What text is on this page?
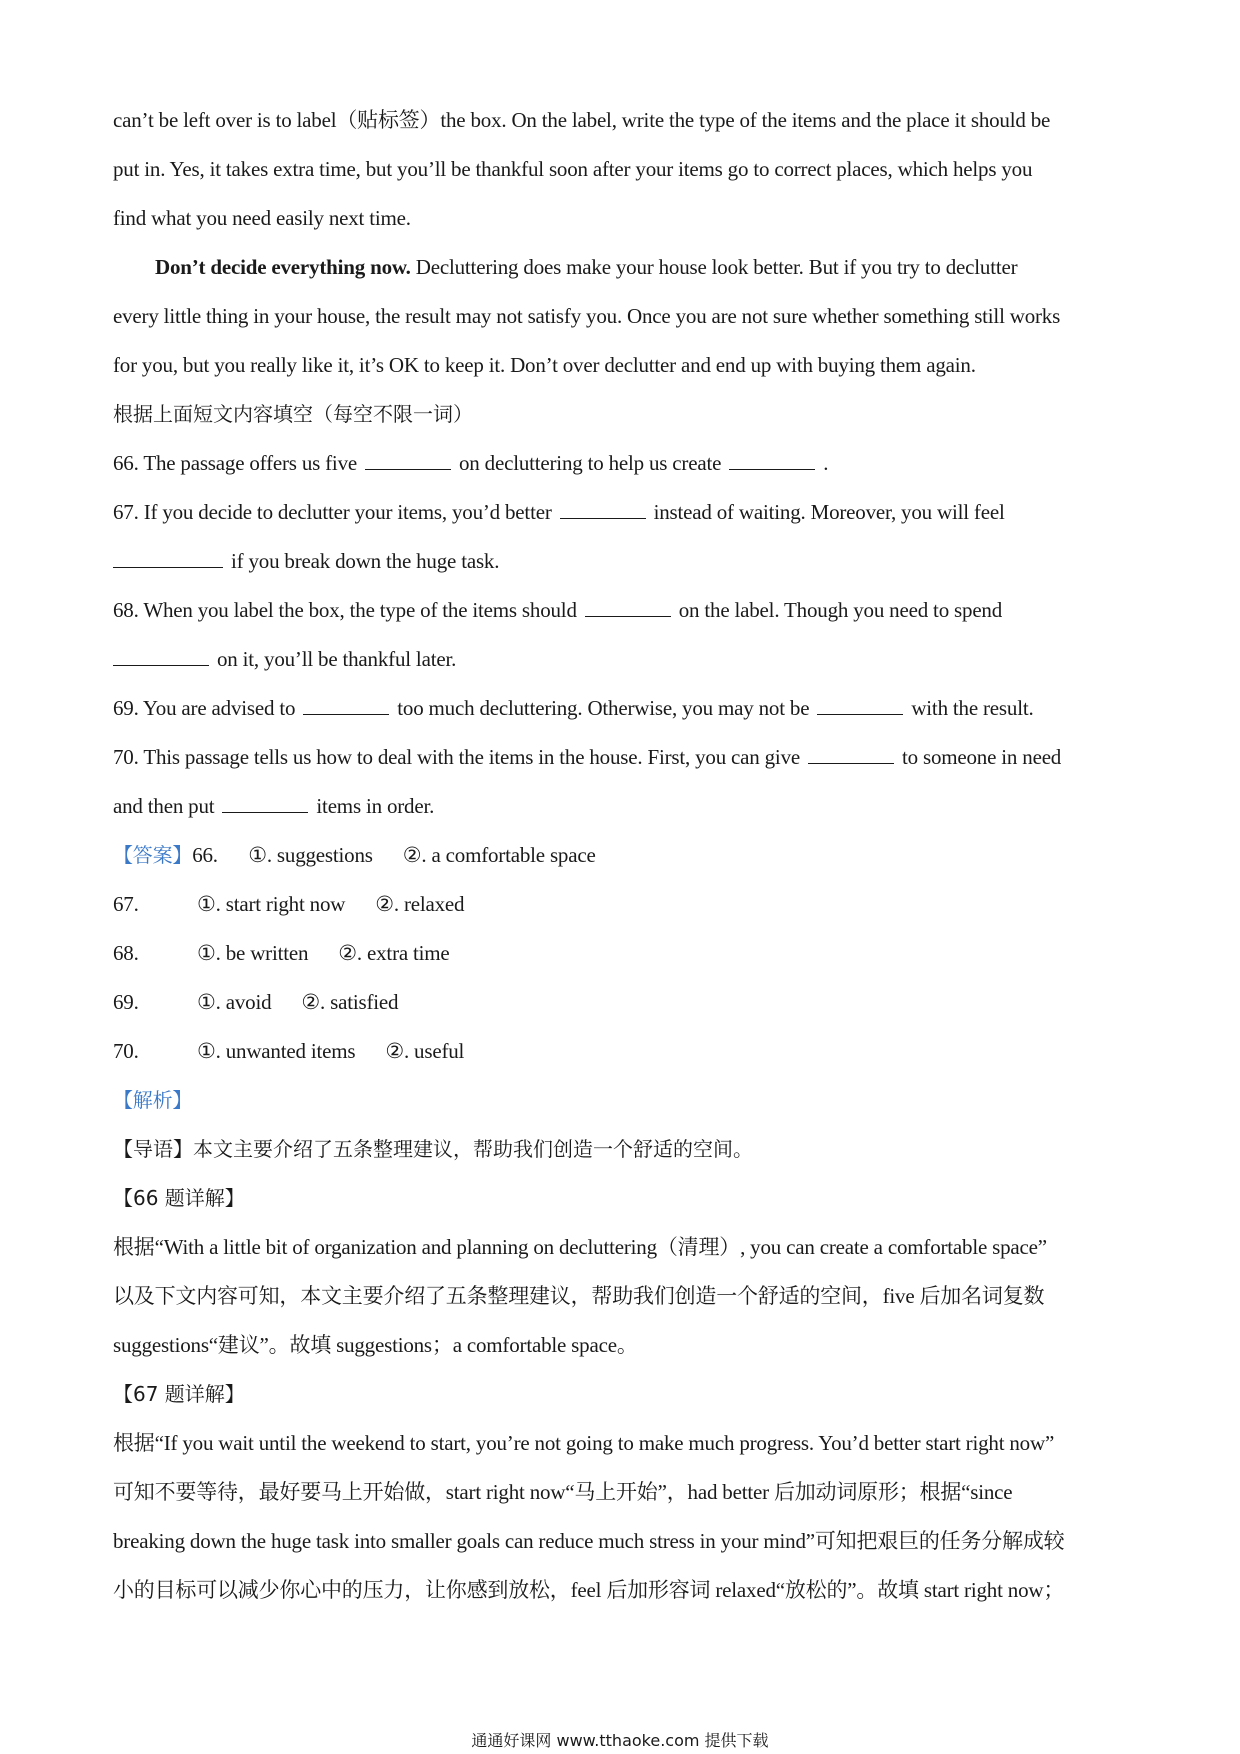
can’t be left over is to label（贴标签）the box. On the label, write the type of the items and the place it should be
put in. Yes, it takes extra time, but you’ll be thankful soon after your items go to correct places, which helps you
find what you need easily next time.
Don’t decide everything now. Decluttering does make your house look better. But if you try to declutter
every little thing in your house, the result may not satisfy you. Once you are not sure whether something still works
for you, but you really like it, it’s OK to keep it. Don’t over declutter and end up with buying them again.
根据上面短文内容填空（每空不限一词）
66. The passage offers us five	on decluttering to help us create	.
67. If you decide to declutter your items, you’d better	instead of waiting. Moreover, you will feel
if you break down the huge task.
68. When you label the box, the type of the items should	on the label. Though you need to spend
on it, you’ll be thankful later.
69. You are advised to	too much decluttering. Otherwise, you may not be	with the result.
70. This passage tells us how to deal with the items in the house. First, you can give	to someone in need
and then put	items in order.
【答案】66. ①. suggestions ②. a comfortable space
67.	①. start right now ②. relaxed
68.	①. be written ②. extra time
69.	①. avoid ②. satisfied
70.	①. unwanted items ②. useful
【解析】
【导语】本文主要介绍了五条整理建议，帮助我们创造一个舒适的空间。
【66 题详解】
根据“With a little bit of organization and planning on decluttering（清理）, you can create a comfortable space”
以及下文内容可知，本文主要介绍了五条整理建议，帮助我们创造一个舒适的空间，five 后加名词复数
suggestions“建议”。故填 suggestions；a comfortable space。
【67 题详解】
根据“If you wait until the weekend to start, you’re not going to make much progress. You’d better start right now”
可知不要等待，最好要马上开始做，start right now“马上开始”，had better 后加动词原形；根据“since
breaking down the huge task into smaller goals can reduce much stress in your mind”可知把艰巨的任务分解成较
小的目标可以减少你心中的压力，让你感到放松，feel 后加形容词 relaxed“放松的”。故填 start right now；
通通好课网 www.tthaoke.com 提供下载
